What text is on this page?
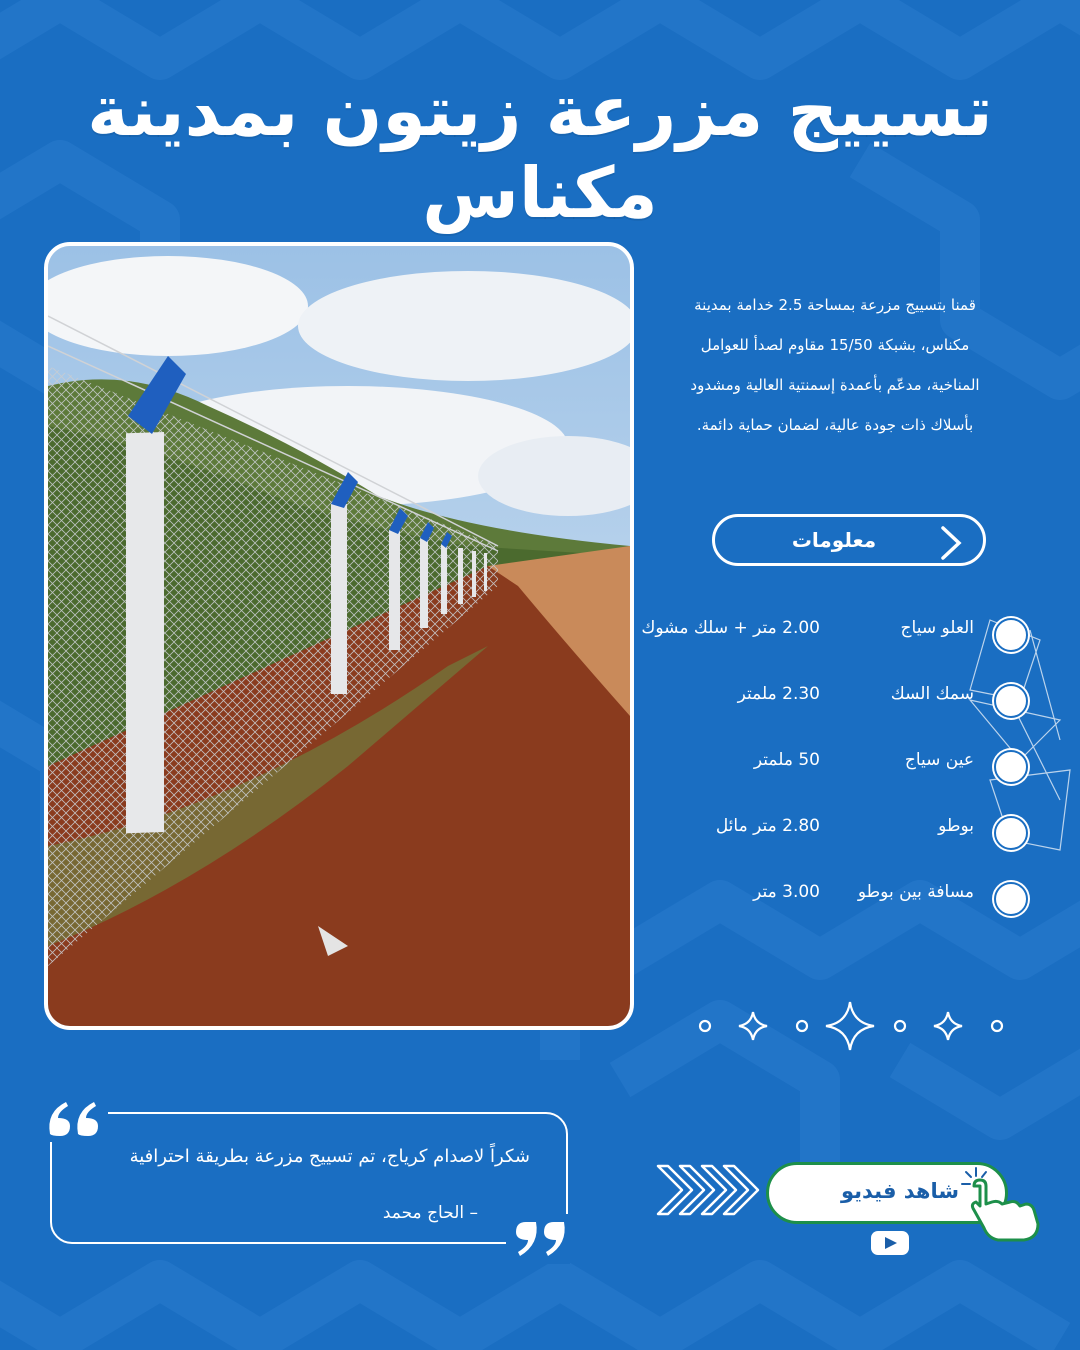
تسييج مزرعة زيتون بمدينة مكناس
قمنا بتسييج مزرعة بمساحة 2.5 خدامة بمدينة
مكناس، بشبكة 15/50 مقاوم لصدأ للعوامل
المناخية، مدعّم بأعمدة إسمنتية العالية ومشدود
بأسلاك ذات جودة عالية، لضمان حماية دائمة.
معلومات
العلو سياج
2.00 متر + سلك مشوك
سمك السك
2.30 ملمتر
عين سياج
50 ملمتر
بوطو
2.80 متر مائل
مسافة بين بوطو
3.00 متر
شكراً لاصدام كرياج، تم تسييج مزرعة بطريقة احترافية
– الحاج محمد
شاهد فيديو
